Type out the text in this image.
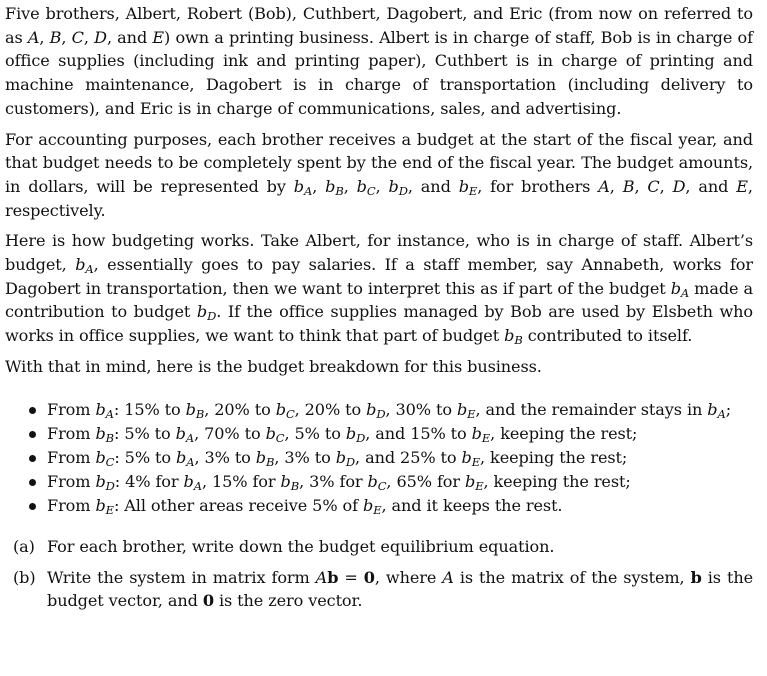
Five brothers, Albert, Robert (Bob), Cuthbert, Dagobert, and Eric (from now on referred to as A, B, C, D, and E) own a printing business. Albert is in charge of staff, Bob is in charge of office supplies (including ink and printing paper), Cuthbert is in charge of printing and machine maintenance, Dagobert is in charge of transportation (including delivery to customers), and Eric is in charge of communications, sales, and advertising.
For accounting purposes, each brother receives a budget at the start of the fiscal year, and that budget needs to be completely spent by the end of the fiscal year. The budget amounts, in dollars, will be represented by bA, bB, bC, bD, and bE, for brothers A, B, C, D, and E, respectively.
Here is how budgeting works. Take Albert, for instance, who is in charge of staff. Albert’s budget, bA, essentially goes to pay salaries. If a staff member, say Annabeth, works for Dagobert in transportation, then we want to interpret this as if part of the budget bA made a contribution to budget bD. If the office supplies managed by Bob are used by Elsbeth who works in office supplies, we want to think that part of budget bB contributed to itself.
With that in mind, here is the budget breakdown for this business.
From bA: 15% to bB, 20% to bC, 20% to bD, 30% to bE, and the remainder stays in bA;
From bB: 5% to bA, 70% to bC, 5% to bD, and 15% to bE, keeping the rest;
From bC: 5% to bA, 3% to bB, 3% to bD, and 25% to bE, keeping the rest;
From bD: 4% for bA, 15% for bB, 3% for bC, 65% for bE, keeping the rest;
From bE: All other areas receive 5% of bE, and it keeps the rest.
(a) For each brother, write down the budget equilibrium equation.
(b) Write the system in matrix form Ab = 0, where A is the matrix of the system, b is the budget vector, and 0 is the zero vector.
